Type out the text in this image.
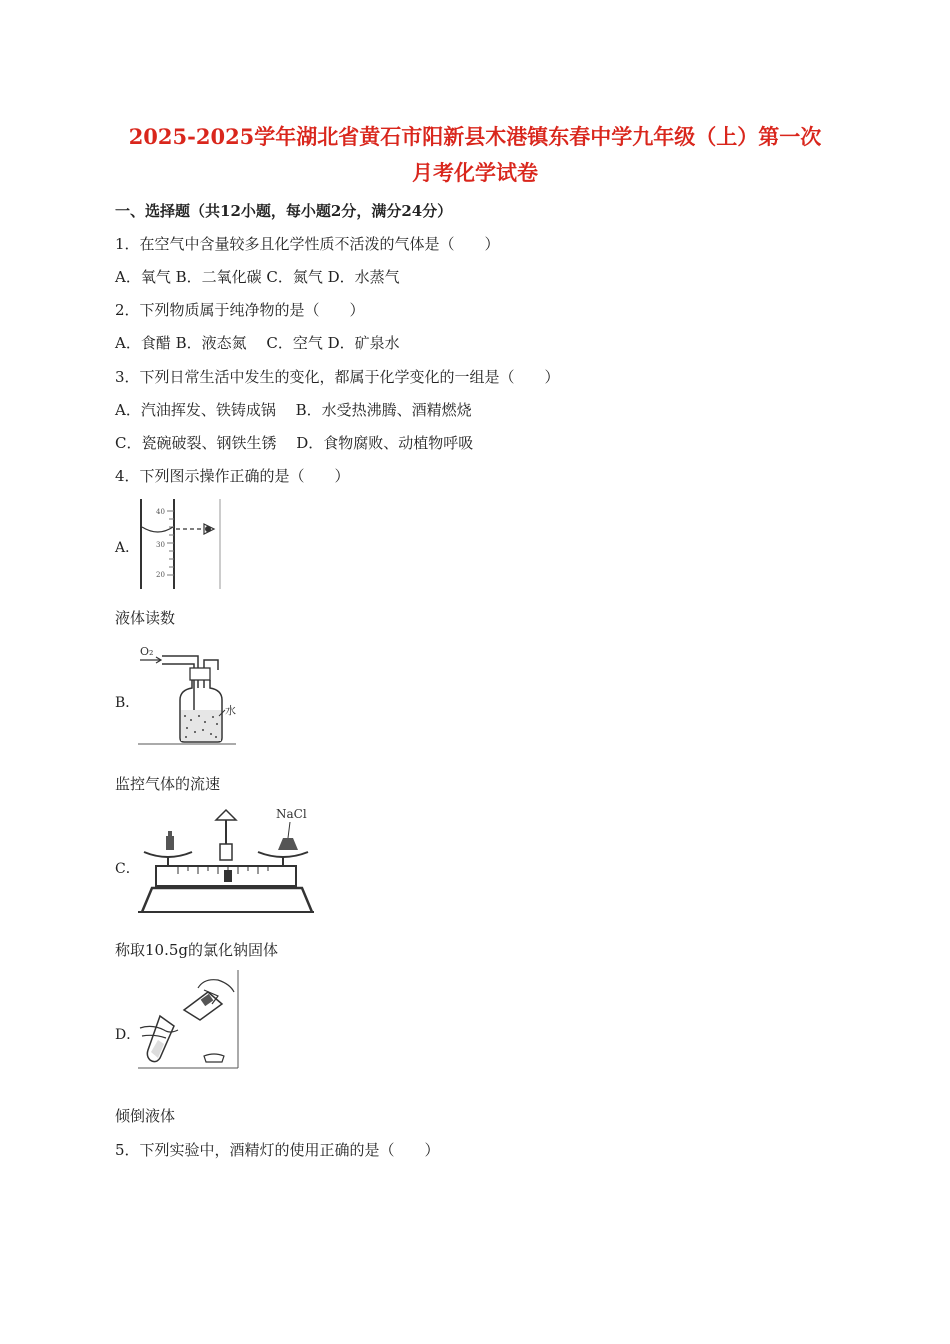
2025-2025学年湖北省黄石市阳新县木港镇东春中学九年级（上）第一次
月考化学试卷
一、选择题（共12小题，每小题2分，满分24分）
1．在空气中含量较多且化学性质不活泼的气体是（　　）
A．氧气 B．二氧化碳 C．氮气 D．水蒸气
2．下列物质属于纯净物的是（　　）
A．食醋 B．液态氮　 C．空气 D．矿泉水
3．下列日常生活中发生的变化，都属于化学变化的一组是（　　）
A．汽油挥发、铁铸成锅　 B．水受热沸腾、酒精燃烧
C．瓷碗破裂、钢铁生锈　 D．食物腐败、动植物呼吸
4．下列图示操作正确的是（　　）
A．
40
30
20
液体读数
B．
O₂
水
监控气体的流速
C．
NaCl
称取10.5g的氯化钠固体
D．
倾倒液体
5．下列实验中，酒精灯的使用正确的是（　　）
